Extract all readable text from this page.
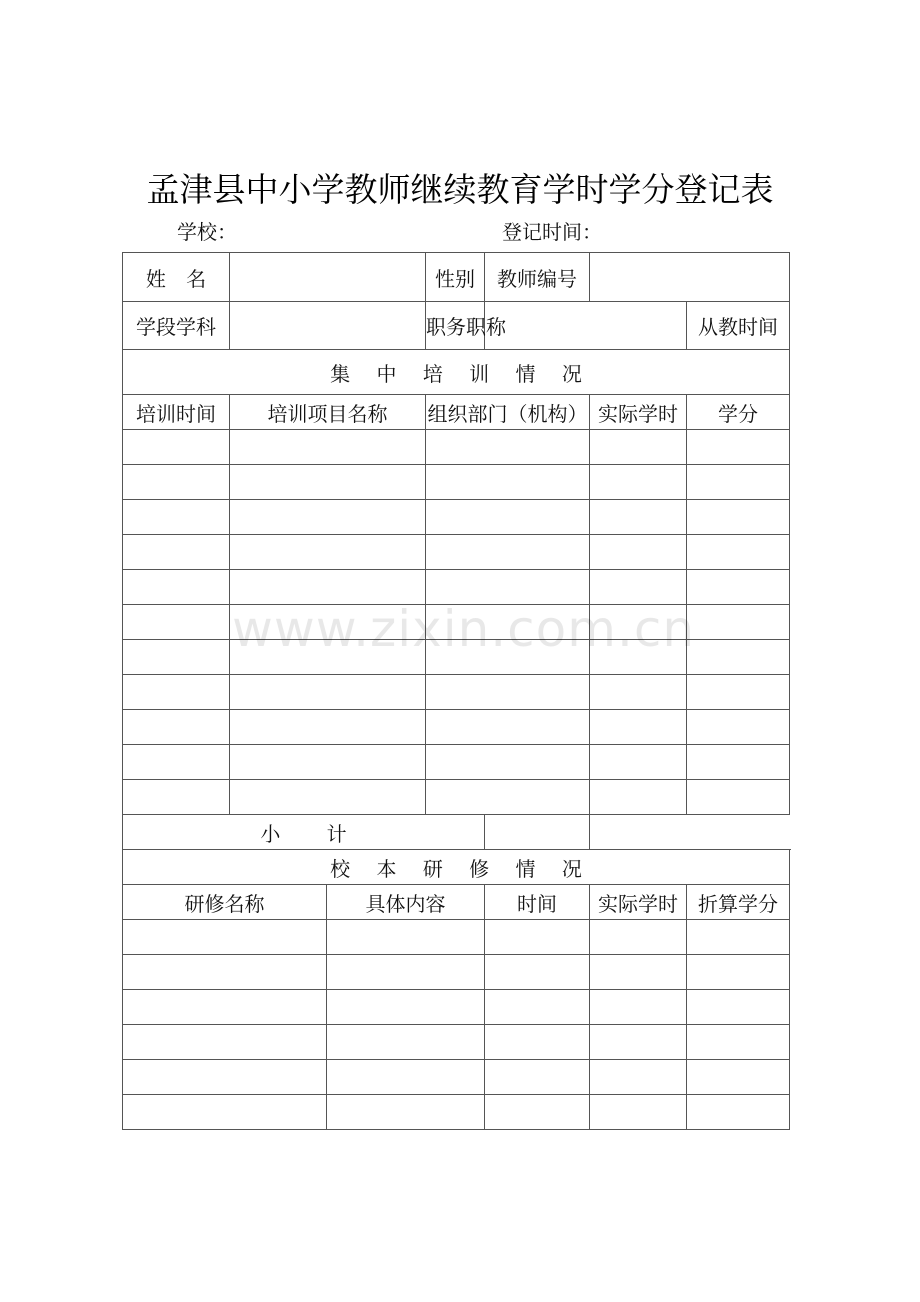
孟津县中小学教师继续教育学时学分登记表
学校：	登记时间：
姓 名			性别		教师编号			
学段学科			职务职称			从教时间	
集 中 培 训 情 况							
培训时间	培训项目名称		组织部门（机构）		实际学时	学分	

小 计							
校 本 研 修 情 况							
研修名称		具体内容		时间	实际学时	折算学分	

www.zixin.com.cn
